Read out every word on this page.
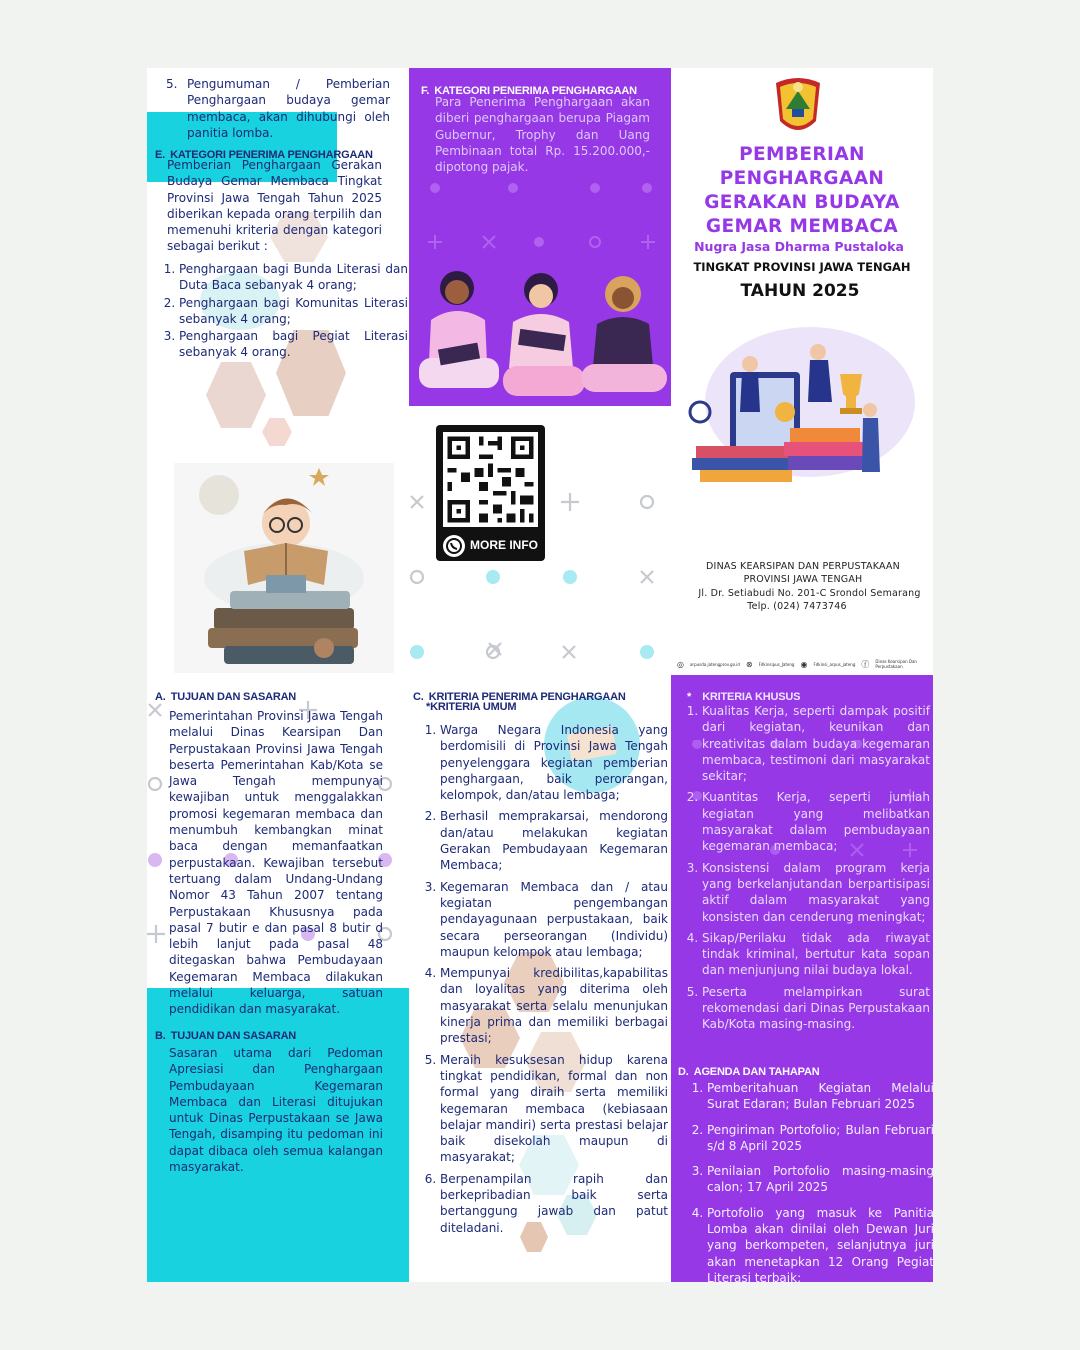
5. Pengumuman / Pemberian Penghargaan budaya gemar membaca, akan dihubungi oleh panitia lomba.

E. KATEGORI PENERIMA PENGHARGAAN

Pemberian Penghargaan Gerakan Budaya Gemar Membaca Tingkat Provinsi Jawa Tengah Tahun 2025 diberikan kepada orang terpilih dan memenuhi kriteria dengan kategori sebagai berikut :

1. Penghargaan bagi Bunda Literasi dan Duta Baca sebanyak 4 orang;
2. Penghargaan bagi Komunitas Literasi sebanyak 4 orang;
3. Penghargaan bagi Pegiat Literasi sebanyak 4 orang.
F. KATEGORI PENERIMA PENGHARGAAN

Para Penerima Penghargaan akan diberi penghargaan berupa Piagam Gubernur, Trophy dan Uang Pembinaan total Rp. 15.200.000,- dipotong pajak.

MORE INFO
PEMBERIAN
PENGHARGAAN
GERAKAN BUDAYA
GEMAR MEMBACA
Nugra Jasa Dharma Pustaloka
TINGKAT PROVINSI JAWA TENGAH
TAHUN 2025
DINAS KEARSIPAN DAN PERPUSTAKAAN
PROVINSI JAWA TENGAH
Jl. Dr. Setiabudi No. 201-C Srondol Semarang
Telp. (024) 7473746
◎ arpusda.jatengprov.go.id ⊗ Fdkinsipus_Jateng ◉ Fdkinsi_arpus_jateng ⓕ Dinas Kearsipan Dan Perpustakaan
A. TUJUAN DAN SASARAN

Pemerintahan Provinsi Jawa Tengah melalui Dinas Kearsipan Dan Perpustakaan Provinsi Jawa Tengah beserta Pemerintahan Kab/Kota se Jawa Tengah mempunyai kewajiban untuk menggalakkan promosi kegemaran membaca dan menumbuh kembangkan minat baca dengan memanfaatkan perpustakaan. Kewajiban tersebut tertuang dalam Undang-Undang Nomor 43 Tahun 2007 tentang Perpustakaan Khususnya pada pasal 7 butir e dan pasal 8 butir d lebih lanjut pada pasal 48 ditegaskan bahwa Pembudayaan Kegemaran Membaca dilakukan melalui keluarga, satuan pendidikan dan masyarakat.

B. TUJUAN DAN SASARAN

Sasaran utama dari Pedoman Apresiasi dan Penghargaan Pembudayaan Kegemaran Membaca dan Literasi ditujukan untuk Dinas Perpustakaan se Jawa Tengah, disamping itu pedoman ini dapat dibaca oleh semua kalangan masyarakat.

C. KRITERIA PENERIMA PENGHARGAAN
*KRITERIA UMUM
1. Warga Negara Indonesia yang berdomisili di Provinsi Jawa Tengah penyelenggara kegiatan pemberian penghargaan, baik perorangan, kelompok, dan/atau lembaga;
2. Berhasil memprakarsai, mendorong dan/atau melakukan kegiatan Gerakan Pembudayaan Kegemaran Membaca;
3. Kegemaran Membaca dan / atau kegiatan pengembangan pendayagunaan perpustakaan, baik secara perseorangan (Individu) maupun kelompok atau lembaga;
4. Mempunyai kredibilitas,kapabilitas dan loyalitas yang diterima oleh masyarakat serta selalu menunjukan kinerja prima dan memiliki berbagai prestasi;
5. Meraih kesuksesan hidup karena tingkat pendidikan, formal dan non formal yang diraih serta memiliki kegemaran membaca (kebiasaan belajar mandiri) serta prestasi belajar baik disekolah maupun di masyarakat;
6. Berpenampilan rapih dan berkepribadian baik serta bertanggung jawab dan patut diteladani.
* KRITERIA KHUSUS
1. Kualitas Kerja, seperti dampak positif dari kegiatan, keunikan dan kreativitas dalam budaya kegemaran membaca, testimoni dari masyarakat sekitar;
2. Kuantitas Kerja, seperti jumlah kegiatan yang melibatkan masyarakat dalam pembudayaan kegemaran membaca;
3. Konsistensi dalam program kerja yang berkelanjutandan berpartisipasi aktif dalam masyarakat yang konsisten dan cenderung meningkat;
4. Sikap/Perilaku tidak ada riwayat tindak kriminal, bertutur kata sopan dan menjunjung nilai budaya lokal.
5. Peserta melampirkan surat rekomendasi dari Dinas Perpustakaan Kab/Kota masing-masing.
D. AGENDA DAN TAHAPAN
1. Pemberitahuan Kegiatan Melalui Surat Edaran; Bulan Februari 2025
2. Pengiriman Portofolio; Bulan Februari s/d 8 April 2025
3. Penilaian Portofolio masing-masing calon; 17 April 2025
4. Portofolio yang masuk ke Panitia Lomba akan dinilai oleh Dewan Juri yang berkompeten, selanjutnya juri akan menetapkan 12 Orang Pegiat Literasi terbaik;
